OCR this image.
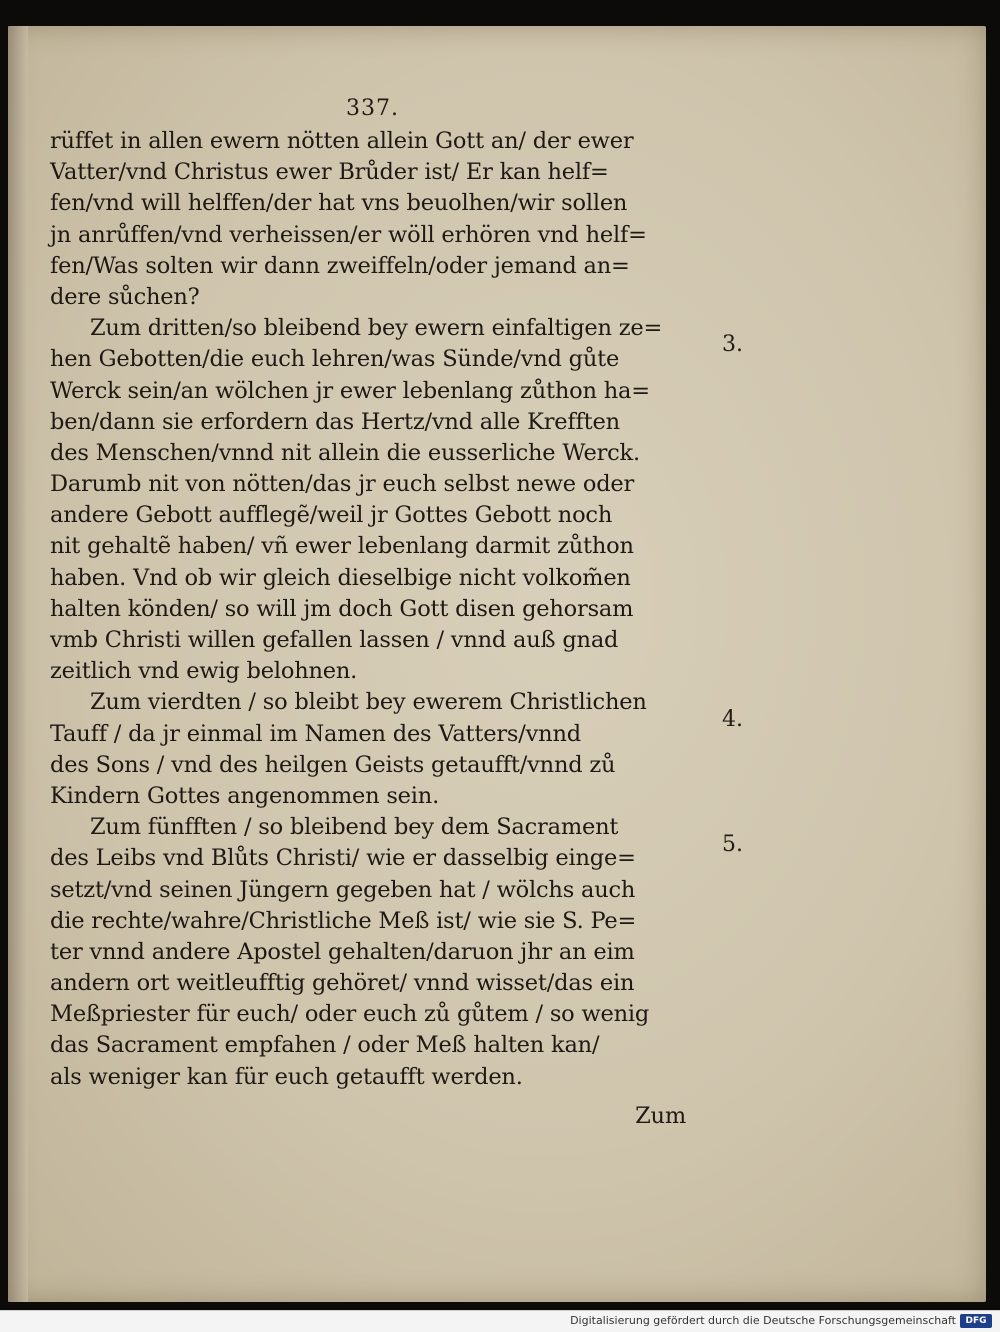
337.
rüffet in allen ewern nötten allein Gott an/ der ewer
Vatter/vnd Christus ewer Brůder ist/ Er kan helf=
fen/vnd will helffen/der hat vns beuolhen/wir sollen
jn anrůffen/vnd verheissen/er wöll erhören vnd helf=
fen/Was solten wir dann zweiffeln/oder jemand an=
dere sůchen?
Zum dritten/so bleibend bey ewern einfaltigen ze=
hen Gebotten/die euch lehren/was Sünde/vnd gůte
Werck sein/an wölchen jr ewer lebenlang zůthon ha=
ben/dann sie erfordern das Hertz/vnd alle Krefften
des Menschen/vnnd nit allein die eusserliche Werck.
Darumb nit von nötten/das jr euch selbst newe oder
andere Gebott aufflegẽ/weil jr Gottes Gebott noch
nit gehaltẽ haben/ vñ ewer lebenlang darmit zůthon
haben. Vnd ob wir gleich dieselbige nicht volkom̃en
halten könden/ so will jm doch Gott disen gehorsam
vmb Christi willen gefallen lassen / vnnd auß gnad
zeitlich vnd ewig belohnen.
Zum vierdten / so bleibt bey ewerem Christlichen
Tauff / da jr einmal im Namen des Vatters/vnnd
des Sons / vnd des heilgen Geists getaufft/vnnd zů
Kindern Gottes angenommen sein.
Zum fünfften / so bleibend bey dem Sacrament
des Leibs vnd Blůts Christi/ wie er dasselbig einge=
setzt/vnd seinen Jüngern gegeben hat / wölchs auch
die rechte/wahre/Christliche Meß ist/ wie sie S. Pe=
ter vnnd andere Apostel gehalten/daruon jhr an eim
andern ort weitleufftig gehöret/ vnnd wisset/das ein
Meßpriester für euch/ oder euch zů gůtem / so wenig
das Sacrament empfahen / oder Meß halten kan/
als weniger kan für euch getaufft werden.
Zum
3.
4.
5.
Digitalisierung gefördert durch die Deutsche Forschungsgemeinschaft	DFG
